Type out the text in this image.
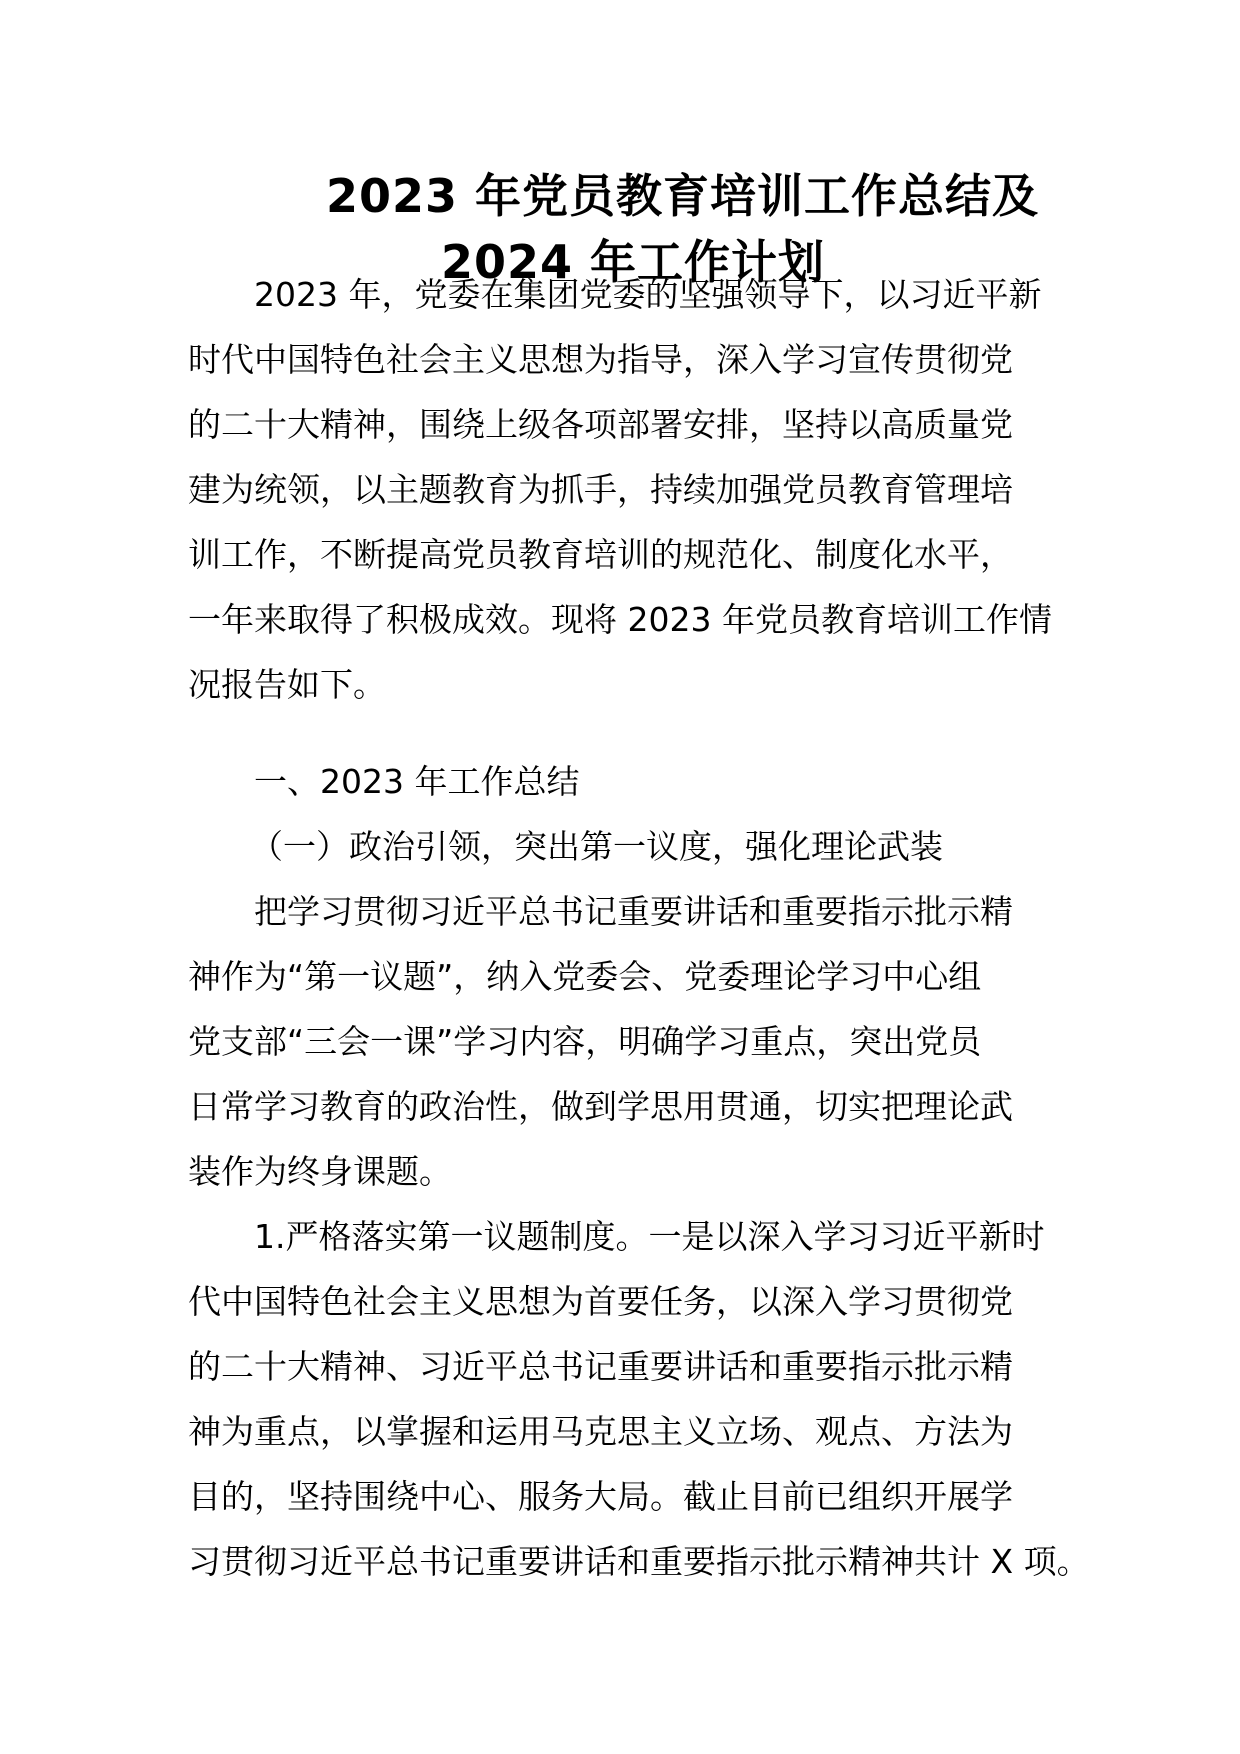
2023 年党员教育培训工作总结及
2024 年工作计划
2023 年，党委在集团党委的坚强领导下，以习近平新
时代中国特色社会主义思想为指导，深入学习宣传贯彻党
的二十大精神，围绕上级各项部署安排，坚持以高质量党
建为统领，以主题教育为抓手，持续加强党员教育管理培
训工作，不断提高党员教育培训的规范化、制度化水平，
一年来取得了积极成效。现将 2023 年党员教育培训工作情
况报告如下。
一、2023 年工作总结
（一）政治引领，突出第一议度，强化理论武装
把学习贯彻习近平总书记重要讲话和重要指示批示精
神作为“第一议题”，纳入党委会、党委理论学习中心组
党支部“三会一课”学习内容，明确学习重点，突出党员
日常学习教育的政治性，做到学思用贯通，切实把理论武
装作为终身课题。
1.严格落实第一议题制度。一是以深入学习习近平新时
代中国特色社会主义思想为首要任务，以深入学习贯彻党
的二十大精神、习近平总书记重要讲话和重要指示批示精
神为重点，以掌握和运用马克思主义立场、观点、方法为
目的，坚持围绕中心、服务大局。截止目前已组织开展学
习贯彻习近平总书记重要讲话和重要指示批示精神共计 X 项。
